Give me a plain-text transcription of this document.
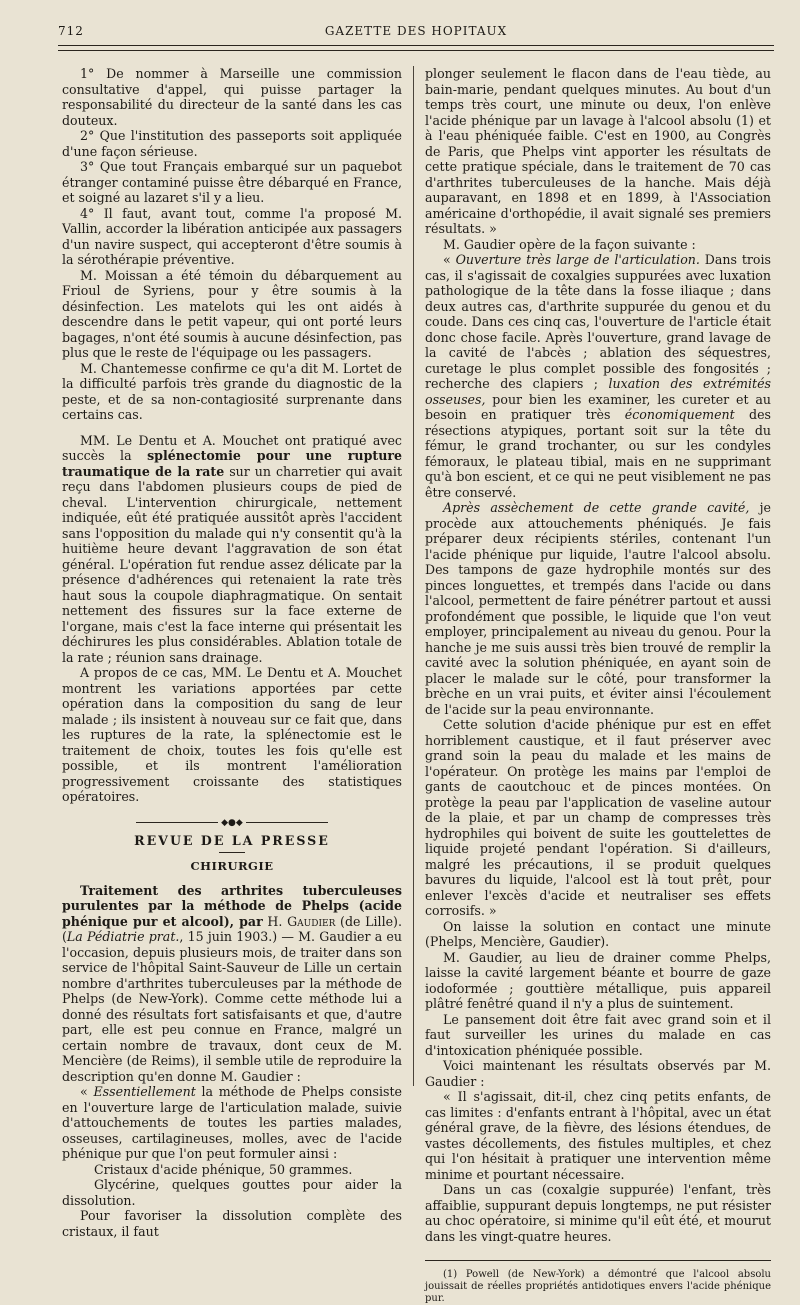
712	GAZETTE DES HOPITAUX

1° De nommer à Marseille une commission consultative d'appel, qui puisse partager la responsabilité du directeur de la santé dans les cas douteux.

2° Que l'institution des passeports soit appliquée d'une façon sérieuse.

3° Que tout Français embarqué sur un paquebot étranger contaminé puisse être débarqué en France, et soigné au lazaret s'il y a lieu.

4° Il faut, avant tout, comme l'a proposé M. Vallin, accorder la libération anticipée aux passagers d'un navire suspect, qui accepteront d'être soumis à la sérothérapie préventive.

M. Moissan a été témoin du débarquement au Frioul de Syriens, pour y être soumis à la désinfection. Les matelots qui les ont aidés à descendre dans le petit vapeur, qui ont porté leurs bagages, n'ont été soumis à aucune désinfection, pas plus que le reste de l'équipage ou les passagers.

M. Chantemesse confirme ce qu'a dit M. Lortet de la difficulté parfois très grande du diagnostic de la peste, et de sa non-contagiosité surprenante dans certains cas.

MM. Le Dentu et A. Mouchet ont pratiqué avec succès la splénectomie pour une rupture traumatique de la rate sur un charretier qui avait reçu dans l'abdomen plusieurs coups de pied de cheval. L'intervention chirurgicale, nettement indiquée, eût été pratiquée aussitôt après l'accident sans l'opposition du malade qui n'y consentit qu'à la huitième heure devant l'aggravation de son état général. L'opération fut rendue assez délicate par la présence d'adhérences qui retenaient la rate très haut sous la coupole diaphragmatique. On sentait nettement des fissures sur la face externe de l'organe, mais c'est la face interne qui présentait les déchirures les plus considérables. Ablation totale de la rate ; réunion sans drainage.

A propos de ce cas, MM. Le Dentu et A. Mouchet montrent les variations apportées par cette opération dans la composition du sang de leur malade ; ils insistent à nouveau sur ce fait que, dans les ruptures de la rate, la splénectomie est le traitement de choix, toutes les fois qu'elle est possible, et ils montrent l'amélioration progressivement croissante des statistiques opératoires.

◆●◆
REVUE DE LA PRESSE
CHIRURGIE

Traitement des arthrites tuberculeuses purulentes par la méthode de Phelps (acide phénique pur et alcool), par H. Gaudier (de Lille). (La Pédiatrie prat., 15 juin 1903.) — M. Gaudier a eu l'occasion, depuis plusieurs mois, de traiter dans son service de l'hôpital Saint-Sauveur de Lille un certain nombre d'arthrites tuberculeuses par la méthode de Phelps (de New-York). Comme cette méthode lui a donné des résultats fort satisfaisants et que, d'autre part, elle est peu connue en France, malgré un certain nombre de travaux, dont ceux de M. Mencière (de Reims), il semble utile de reproduire la description qu'en donne M. Gaudier :

« Essentiellement la méthode de Phelps consiste en l'ouverture large de l'articulation malade, suivie d'attouchements de toutes les parties malades, osseuses, cartilagineuses, molles, avec de l'acide phénique pur que l'on peut formuler ainsi :

Cristaux d'acide phénique, 50 grammes.

Glycérine, quelques gouttes pour aider la dissolution.

Pour favoriser la dissolution complète des cristaux, il faut

plonger seulement le flacon dans de l'eau tiède, au bain-marie, pendant quelques minutes. Au bout d'un temps très court, une minute ou deux, l'on enlève l'acide phénique par un lavage à l'alcool absolu (1) et à l'eau phéniquée faible. C'est en 1900, au Congrès de Paris, que Phelps vint apporter les résultats de cette pratique spéciale, dans le traitement de 70 cas d'arthrites tuberculeuses de la hanche. Mais déjà auparavant, en 1898 et en 1899, à l'Association américaine d'orthopédie, il avait signalé ses premiers résultats. »

M. Gaudier opère de la façon suivante :

« Ouverture très large de l'articulation. Dans trois cas, il s'agissait de coxalgies suppurées avec luxation pathologique de la tête dans la fosse iliaque ; dans deux autres cas, d'arthrite suppurée du genou et du coude. Dans ces cinq cas, l'ouverture de l'article était donc chose facile. Après l'ouverture, grand lavage de la cavité de l'abcès ; ablation des séquestres, curetage le plus complet possible des fongosités ; recherche des clapiers ; luxation des extrémités osseuses, pour bien les examiner, les cureter et au besoin en pratiquer très économiquement des résections atypiques, portant soit sur la tête du fémur, le grand trochanter, ou sur les condyles fémoraux, le plateau tibial, mais en ne supprimant qu'à bon escient, et ce qui ne peut visiblement ne pas être conservé.

Après assèchement de cette grande cavité, je procède aux attouchements phéniqués. Je fais préparer deux récipients stériles, contenant l'un l'acide phénique pur liquide, l'autre l'alcool absolu. Des tampons de gaze hydrophile montés sur des pinces longuettes, et trempés dans l'acide ou dans l'alcool, permettent de faire pénétrer partout et aussi profondément que possible, le liquide que l'on veut employer, principalement au niveau du genou. Pour la hanche je me suis aussi très bien trouvé de remplir la cavité avec la solution phéniquée, en ayant soin de placer le malade sur le côté, pour transformer la brèche en un vrai puits, et éviter ainsi l'écoulement de l'acide sur la peau environnante.

Cette solution d'acide phénique pur est en effet horriblement caustique, et il faut préserver avec grand soin la peau du malade et les mains de l'opérateur. On protège les mains par l'emploi de gants de caoutchouc et de pinces montées. On protège la peau par l'application de vaseline autour de la plaie, et par un champ de compresses très hydrophiles qui boivent de suite les gouttelettes de liquide projeté pendant l'opération. Si d'ailleurs, malgré les précautions, il se produit quelques bavures du liquide, l'alcool est là tout prêt, pour enlever l'excès d'acide et neutraliser ses effets corrosifs. »

On laisse la solution en contact une minute (Phelps, Mencière, Gaudier).

M. Gaudier, au lieu de drainer comme Phelps, laisse la cavité largement béante et bourre de gaze iodoformée ; gouttière métallique, puis appareil plâtré fenêtré quand il n'y a plus de suintement.

Le pansement doit être fait avec grand soin et il faut surveiller les urines du malade en cas d'intoxication phéniquée possible.

Voici maintenant les résultats observés par M. Gaudier :

« Il s'agissait, dit-il, chez cinq petits enfants, de cas limites : d'enfants entrant à l'hôpital, avec un état général grave, de la fièvre, des lésions étendues, de vastes décollements, des fistules multiples, et chez qui l'on hésitait à pratiquer une intervention même minime et pourtant nécessaire.

Dans un cas (coxalgie suppurée) l'enfant, très affaiblie, suppurant depuis longtemps, ne put résister au choc opératoire, si minime qu'il eût été, et mourut dans les vingt-quatre heures.

(1) Powell (de New-York) a démontré que l'alcool absolu jouissait de réelles propriétés antidotiques envers l'acide phénique pur.
